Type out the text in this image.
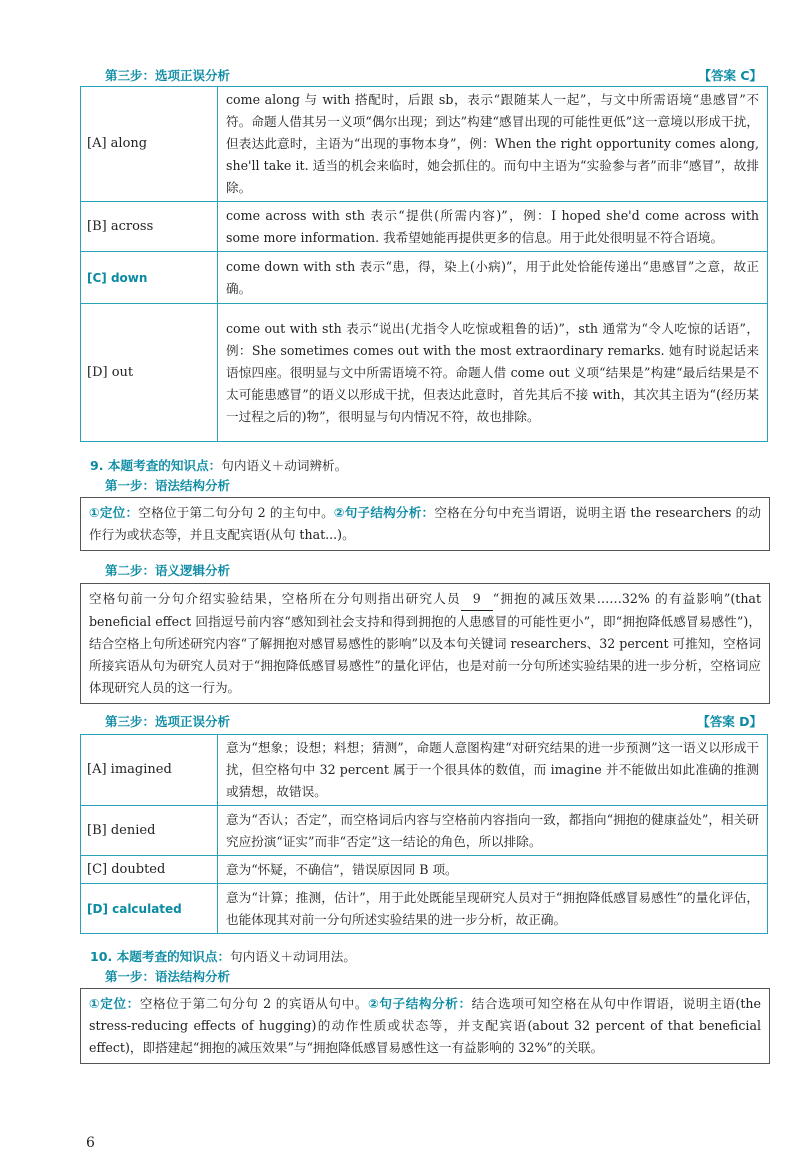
第三步：选项正误分析	【答案 C】
[A] along	come along 与 with 搭配时，后跟 sb，表示“跟随某人一起”，与文中所需语境“患感冒”不符。命题人借其另一义项“偶尔出现；到达”构建“感冒出现的可能性更低”这一意境以形成干扰，但表达此意时，主语为“出现的事物本身”，例：When the right opportunity comes along, she'll take it. 适当的机会来临时，她会抓住的。而句中主语为“实验参与者”而非“感冒”，故排除。
[B] across	come across with sth 表示“提供(所需内容)”，例：I hoped she'd come across with some more information. 我希望她能再提供更多的信息。用于此处很明显不符合语境。
[C] down	come down with sth 表示“患，得，染上(小病)”，用于此处恰能传递出“患感冒”之意，故正确。
[D] out	come out with sth 表示“说出(尤指令人吃惊或粗鲁的话)”，sth 通常为“令人吃惊的话语”，例：She sometimes comes out with the most extraordinary remarks. 她有时说起话来语惊四座。很明显与文中所需语境不符。命题人借 come out 义项“结果是”构建“最后结果是不太可能患感冒”的语义以形成干扰，但表达此意时，首先其后不接 with，其次其主语为“(经历某一过程之后的)物”，很明显与句内情况不符，故也排除。
9. 本题考查的知识点：句内语义＋动词辨析。
第一步：语法结构分析
①定位：空格位于第二句分句 2 的主句中。②句子结构分析：空格在分句中充当谓语，说明主语 the researchers 的动作行为或状态等，并且支配宾语(从句 that...)。
第二步：语义逻辑分析
空格句前一分句介绍实验结果，空格所在分句则指出研究人员 9 “拥抱的减压效果……32% 的有益影响”(that beneficial effect 回指逗号前内容“感知到社会支持和得到拥抱的人患感冒的可能性更小”，即“拥抱降低感冒易感性”)，结合空格上句所述研究内容“了解拥抱对感冒易感性的影响”以及本句关键词 researchers、32 percent 可推知，空格词所接宾语从句为研究人员对于“拥抱降低感冒易感性”的量化评估，也是对前一分句所述实验结果的进一步分析，空格词应体现研究人员的这一行为。
第三步：选项正误分析	【答案 D】
[A] imagined	意为“想象；设想；料想；猜测”，命题人意图构建“对研究结果的进一步预测”这一语义以形成干扰，但空格句中 32 percent 属于一个很具体的数值，而 imagine 并不能做出如此准确的推测或猜想，故错误。
[B] denied	意为“否认；否定”，而空格词后内容与空格前内容指向一致，都指向“拥抱的健康益处”，相关研究应扮演“证实”而非“否定”这一结论的角色，所以排除。
[C] doubted	意为“怀疑，不确信”，错误原因同 B 项。
[D] calculated	意为“计算；推测，估计”，用于此处既能呈现研究人员对于“拥抱降低感冒易感性”的量化评估，也能体现其对前一分句所述实验结果的进一步分析，故正确。
10. 本题考查的知识点：句内语义＋动词用法。
第一步：语法结构分析
①定位：空格位于第二句分句 2 的宾语从句中。②句子结构分析：结合选项可知空格在从句中作谓语，说明主语(the stress-reducing effects of hugging)的动作性质或状态等，并支配宾语(about 32 percent of that beneficial effect)，即搭建起“拥抱的减压效果”与“拥抱降低感冒易感性这一有益影响的 32%”的关联。
6
